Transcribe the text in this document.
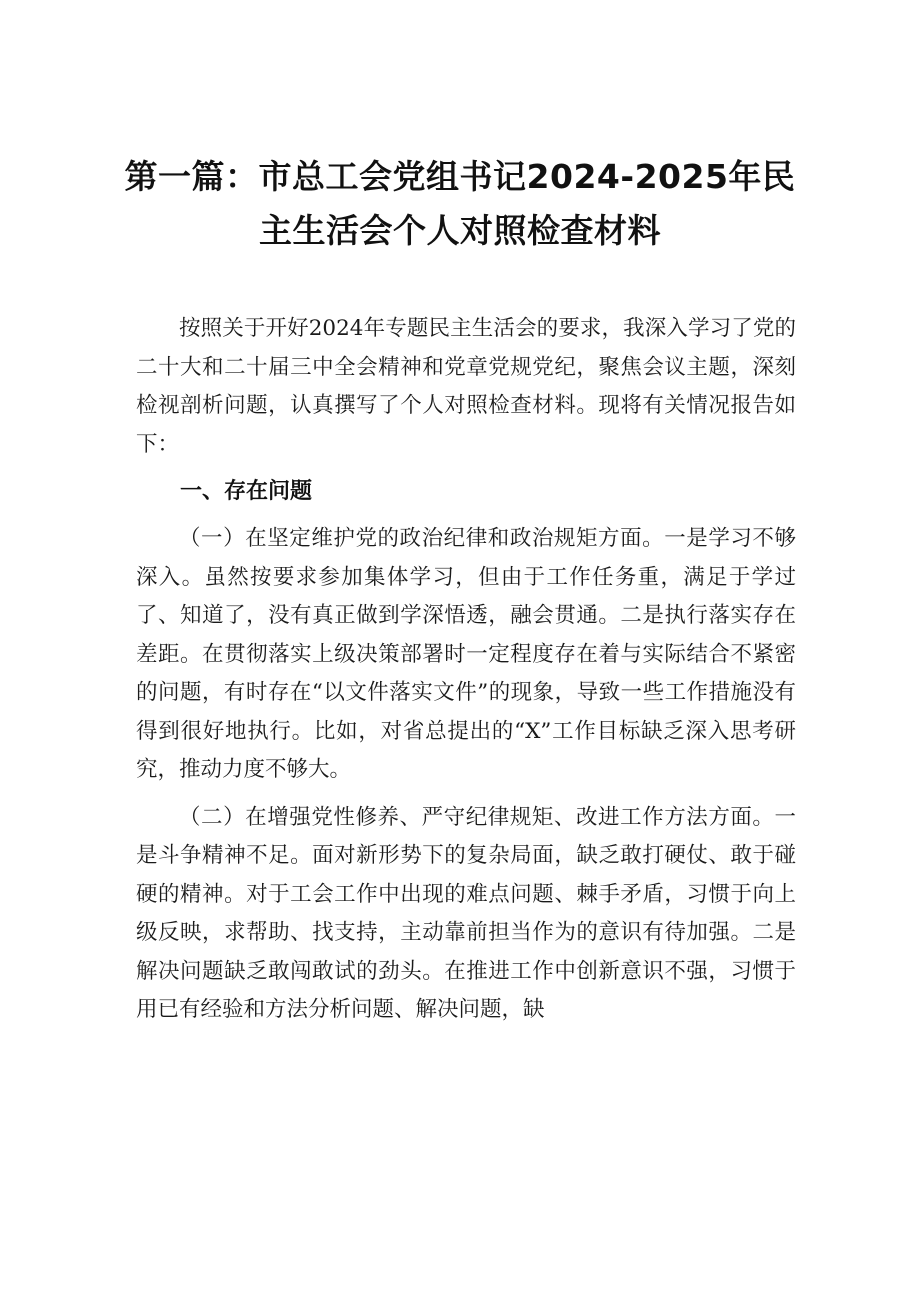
第一篇：市总工会党组书记2024-2025年民
主生活会个人对照检查材料

按照关于开好2024年专题民主生活会的要求，我深入学习了党的二十大和二十届三中全会精神和党章党规党纪，聚焦会议主题，深刻检视剖析问题，认真撰写了个人对照检查材料。现将有关情况报告如下：

一、存在问题

（一）在坚定维护党的政治纪律和政治规矩方面。一是学习不够深入。虽然按要求参加集体学习，但由于工作任务重，满足于学过了、知道了，没有真正做到学深悟透，融会贯通。二是执行落实存在差距。在贯彻落实上级决策部署时一定程度存在着与实际结合不紧密的问题，有时存在“以文件落实文件”的现象，导致一些工作措施没有得到很好地执行。比如，对省总提出的“X”工作目标缺乏深入思考研究，推动力度不够大。

（二）在增强党性修养、严守纪律规矩、改进工作方法方面。一是斗争精神不足。面对新形势下的复杂局面，缺乏敢打硬仗、敢于碰硬的精神。对于工会工作中出现的难点问题、棘手矛盾，习惯于向上级反映，求帮助、找支持，主动靠前担当作为的意识有待加强。二是解决问题缺乏敢闯敢试的劲头。在推进工作中创新意识不强，习惯于用已有经验和方法分析问题、解决问题，缺
